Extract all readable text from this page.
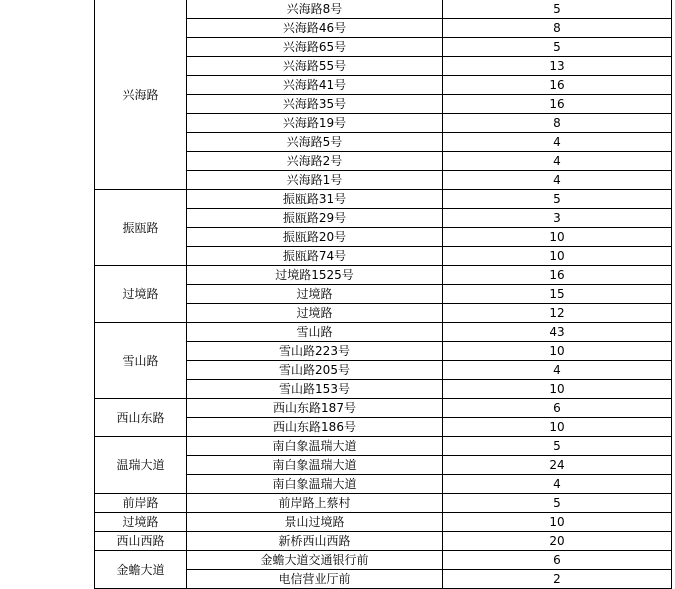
兴海路	兴海路8号	5
	兴海路46号	8
	兴海路65号	5
	兴海路55号	13
	兴海路41号	16
	兴海路35号	16
	兴海路19号	8
	兴海路5号	4
	兴海路2号	4
	兴海路1号	4
振瓯路	振瓯路31号	5
	振瓯路29号	3
	振瓯路20号	10
	振瓯路74号	10
过境路	过境路1525号	16
	过境路	15
	过境路	12
雪山路	雪山路	43
	雪山路223号	10
	雪山路205号	4
	雪山路153号	10
西山东路	西山东路187号	6
	西山东路186号	10
温瑞大道	南白象温瑞大道	5
	南白象温瑞大道	24
	南白象温瑞大道	4
前岸路	前岸路上蔡村	5
过境路	景山过境路	10
西山西路	新桥西山西路	20
金蟾大道	金蟾大道交通银行前	6
	电信营业厅前	2
